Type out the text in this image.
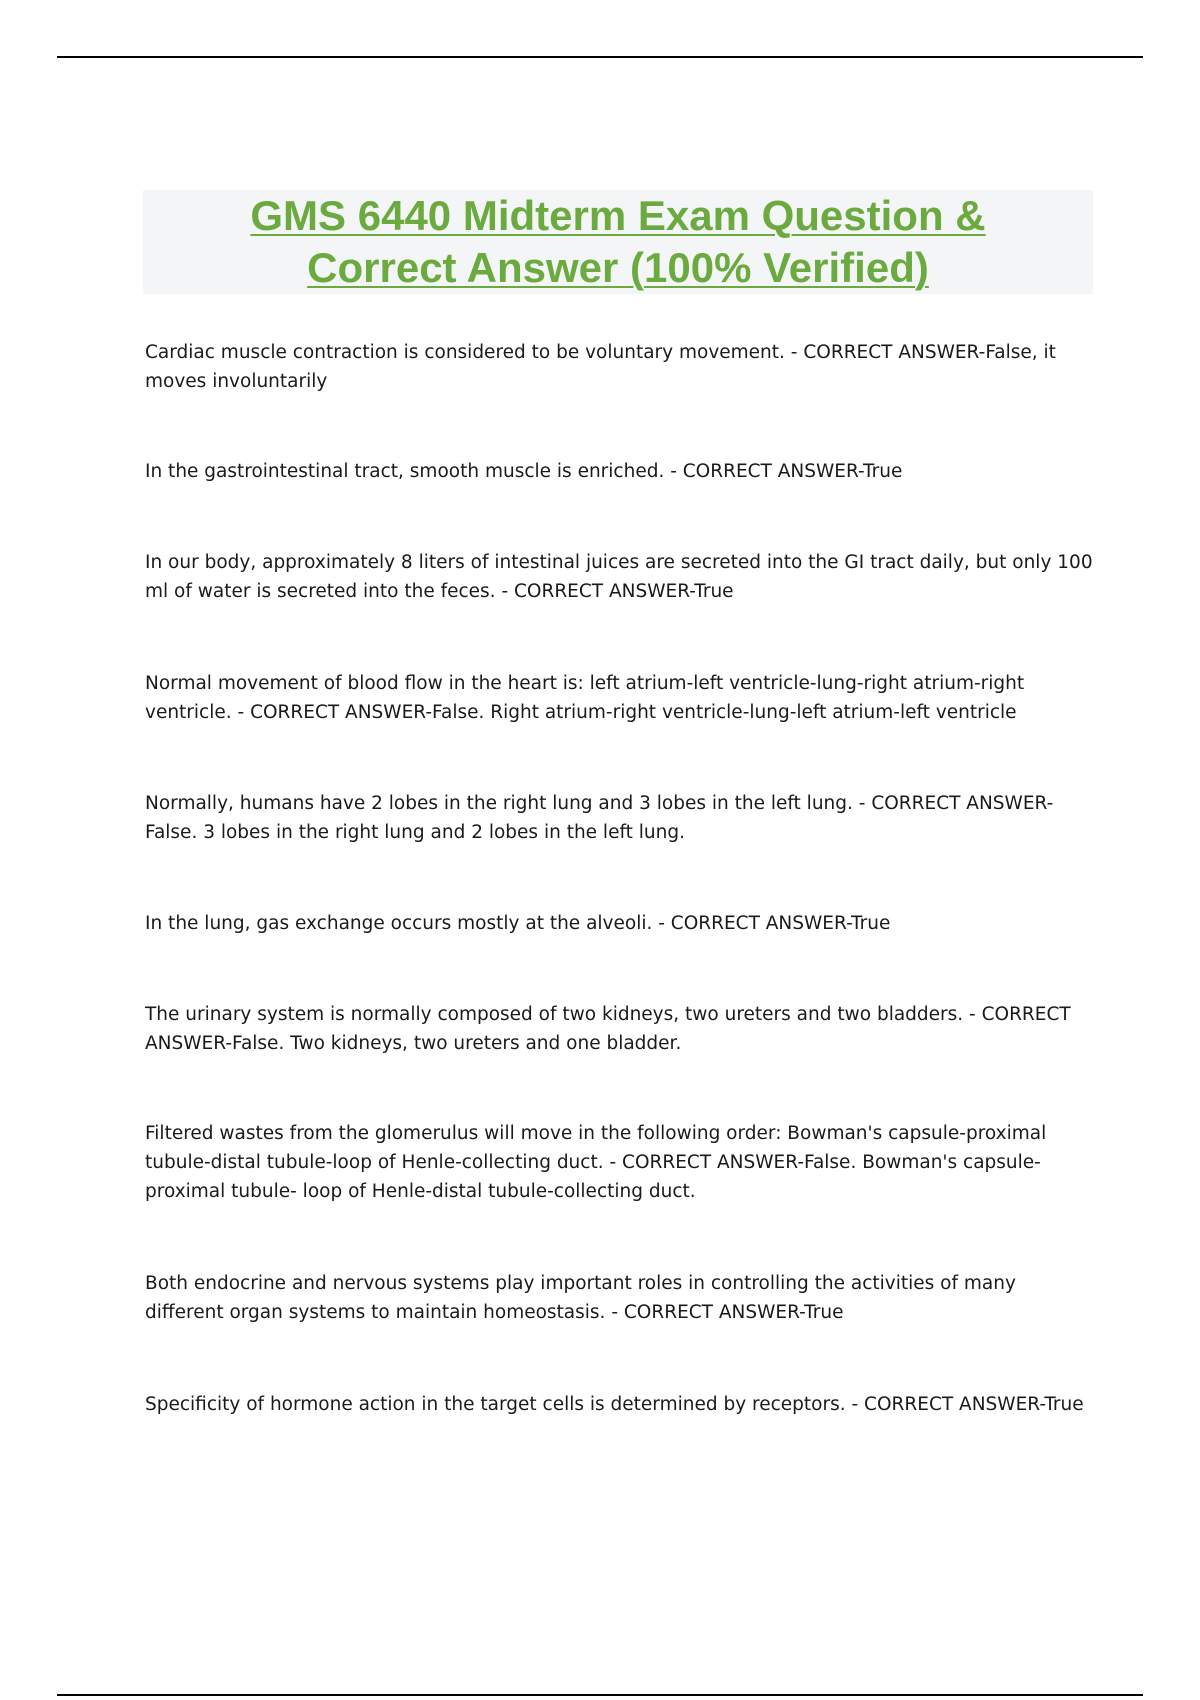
GMS 6440 Midterm Exam Question & Correct Answer (100% Verified)

Cardiac muscle contraction is considered to be voluntary movement. - CORRECT ANSWER-False, it moves involuntarily

In the gastrointestinal tract, smooth muscle is enriched. - CORRECT ANSWER-True

In our body, approximately 8 liters of intestinal juices are secreted into the GI tract daily, but only 100 ml of water is secreted into the feces. - CORRECT ANSWER-True

Normal movement of blood flow in the heart is: left atrium-left ventricle-lung-right atrium-right ventricle. - CORRECT ANSWER-False. Right atrium-right ventricle-lung-left atrium-left ventricle

Normally, humans have 2 lobes in the right lung and 3 lobes in the left lung. - CORRECT ANSWER-False. 3 lobes in the right lung and 2 lobes in the left lung.

In the lung, gas exchange occurs mostly at the alveoli. - CORRECT ANSWER-True

The urinary system is normally composed of two kidneys, two ureters and two bladders. - CORRECT ANSWER-False. Two kidneys, two ureters and one bladder.

Filtered wastes from the glomerulus will move in the following order: Bowman's capsule-proximal tubule-distal tubule-loop of Henle-collecting duct. - CORRECT ANSWER-False. Bowman's capsule-proximal tubule- loop of Henle-distal tubule-collecting duct.

Both endocrine and nervous systems play important roles in controlling the activities of many different organ systems to maintain homeostasis. - CORRECT ANSWER-True

Specificity of hormone action in the target cells is determined by receptors. - CORRECT ANSWER-True
